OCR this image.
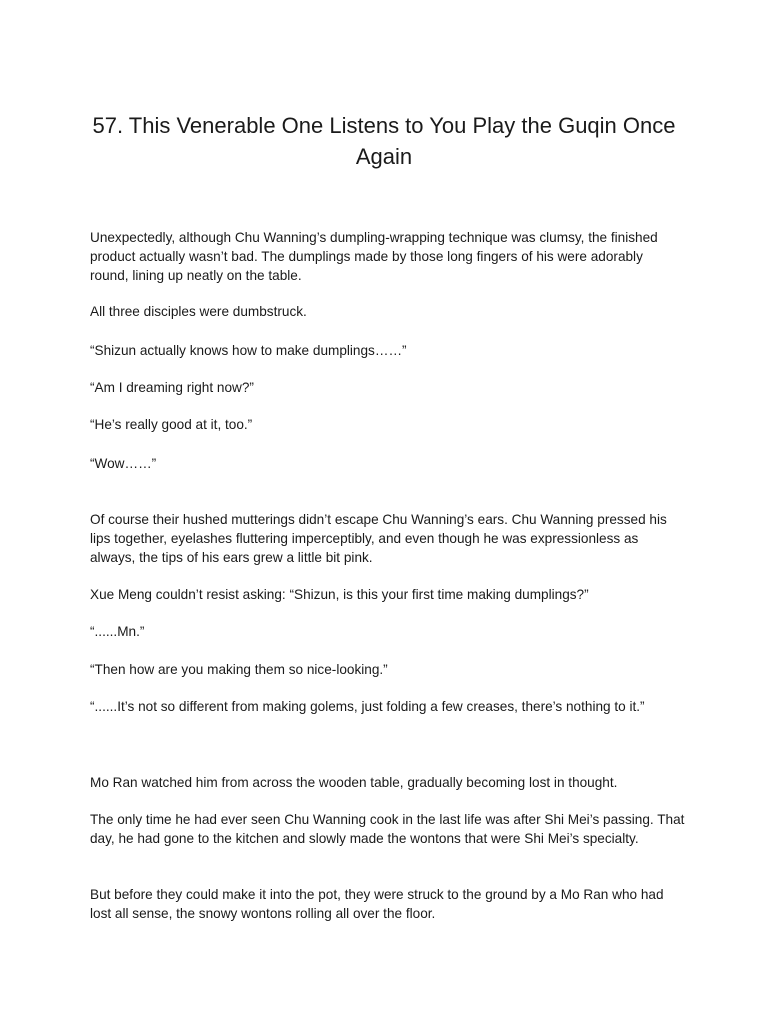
57. This Venerable One Listens to You Play the Guqin Once Again

Unexpectedly, although Chu Wanning’s dumpling-wrapping technique was clumsy, the finished product actually wasn’t bad. The dumplings made by those long fingers of his were adorably round, lining up neatly on the table.

All three disciples were dumbstruck.

“Shizun actually knows how to make dumplings……”

“Am I dreaming right now?”

“He’s really good at it, too.”

“Wow……”

Of course their hushed mutterings didn’t escape Chu Wanning’s ears. Chu Wanning pressed his lips together, eyelashes fluttering imperceptibly, and even though he was expressionless as always, the tips of his ears grew a little bit pink.

Xue Meng couldn’t resist asking: “Shizun, is this your first time making dumplings?”

“......Mn.”

“Then how are you making them so nice-looking.”

“......It’s not so different from making golems, just folding a few creases, there’s nothing to it.”

Mo Ran watched him from across the wooden table, gradually becoming lost in thought.

The only time he had ever seen Chu Wanning cook in the last life was after Shi Mei’s passing. That day, he had gone to the kitchen and slowly made the wontons that were Shi Mei’s specialty.

But before they could make it into the pot, they were struck to the ground by a Mo Ran who had lost all sense, the snowy wontons rolling all over the floor.
